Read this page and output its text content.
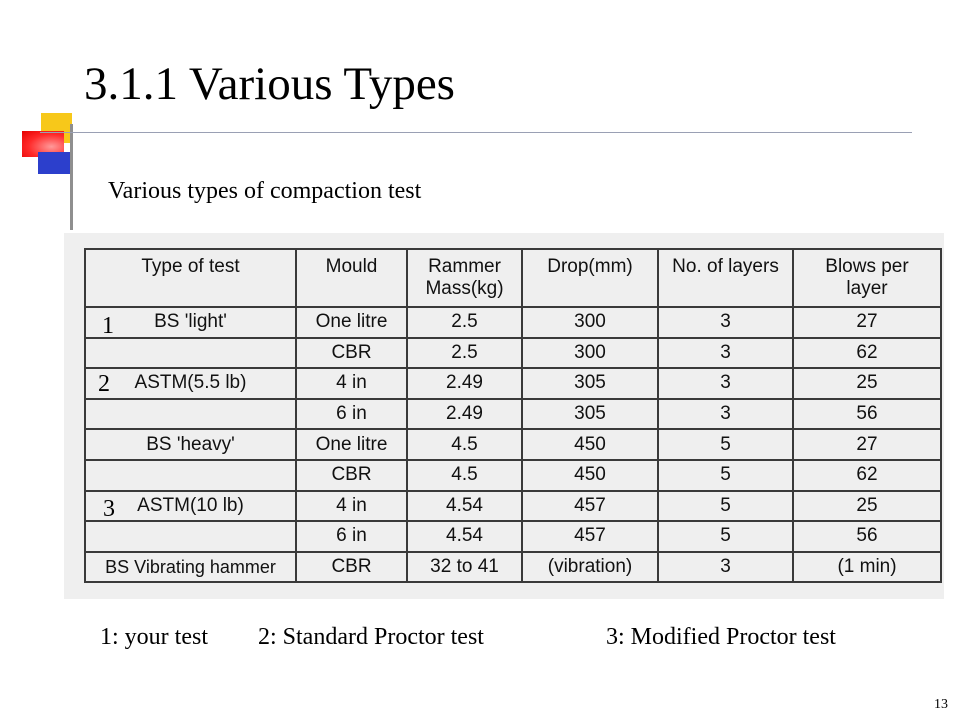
3.1.1 Various Types
Various types of compaction test
Type of test	Mould	Rammer Mass(kg)	Drop(mm)	No. of layers	Blows per layer
BS 'light'	One litre	2.5	300	3	27
	CBR	2.5	300	3	62
ASTM(5.5 lb)	4 in	2.49	305	3	25
	6 in	2.49	305	3	56
BS 'heavy'	One litre	4.5	450	5	27
	CBR	4.5	450	5	62
ASTM(10 lb)	4 in	4.54	457	5	25
	6 in	4.54	457	5	56
BS Vibrating hammer	CBR	32 to 41	(vibration)	3	(1 min)
1
2
3
1: your test 2: Standard Proctor test	3: Modified Proctor test
13
